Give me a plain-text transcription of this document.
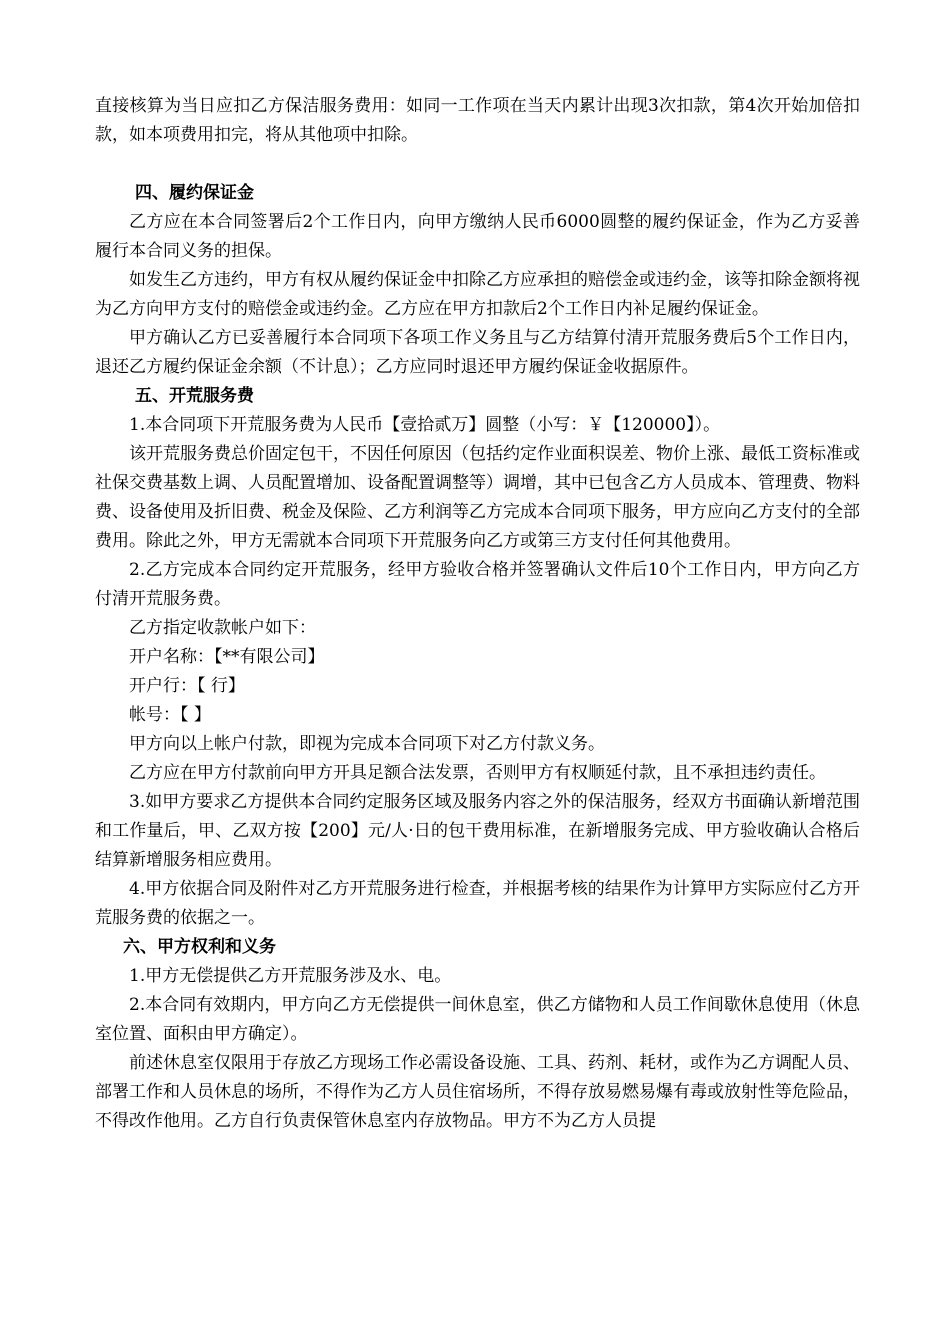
直接核算为当日应扣乙方保洁服务费用：如同一工作项在当天内累计出现3次扣款，第4次开始加倍扣款，如本项费用扣完，将从其他项中扣除。

四、履约保证金

乙方应在本合同签署后2个工作日内，向甲方缴纳人民币6000圆整的履约保证金，作为乙方妥善履行本合同义务的担保。

如发生乙方违约，甲方有权从履约保证金中扣除乙方应承担的赔偿金或违约金，该等扣除金额将视为乙方向甲方支付的赔偿金或违约金。乙方应在甲方扣款后2个工作日内补足履约保证金。

甲方确认乙方已妥善履行本合同项下各项工作义务且与乙方结算付清开荒服务费后5个工作日内，退还乙方履约保证金余额（不计息）；乙方应同时退还甲方履约保证金收据原件。

五、开荒服务费

1.本合同项下开荒服务费为人民币【壹拾贰万】圆整（小写：￥【120000】）。

该开荒服务费总价固定包干，不因任何原因（包括约定作业面积误差、物价上涨、最低工资标准或社保交费基数上调、人员配置增加、设备配置调整等）调增，其中已包含乙方人员成本、管理费、物料费、设备使用及折旧费、税金及保险、乙方利润等乙方完成本合同项下服务，甲方应向乙方支付的全部费用。除此之外，甲方无需就本合同项下开荒服务向乙方或第三方支付任何其他费用。

2.乙方完成本合同约定开荒服务，经甲方验收合格并签署确认文件后10个工作日内，甲方向乙方付清开荒服务费。

乙方指定收款帐户如下：

开户名称：【**有限公司】

开户行：【 行】

帐号：【 】

甲方向以上帐户付款，即视为完成本合同项下对乙方付款义务。

乙方应在甲方付款前向甲方开具足额合法发票，否则甲方有权顺延付款，且不承担违约责任。

3.如甲方要求乙方提供本合同约定服务区域及服务内容之外的保洁服务，经双方书面确认新增范围和工作量后，甲、乙双方按【200】元/人·日的包干费用标准，在新增服务完成、甲方验收确认合格后结算新增服务相应费用。

4.甲方依据合同及附件对乙方开荒服务进行检查，并根据考核的结果作为计算甲方实际应付乙方开荒服务费的依据之一。

六、甲方权利和义务

1.甲方无偿提供乙方开荒服务涉及水、电。

2.本合同有效期内，甲方向乙方无偿提供一间休息室，供乙方储物和人员工作间歇休息使用（休息室位置、面积由甲方确定）。

前述休息室仅限用于存放乙方现场工作必需设备设施、工具、药剂、耗材，或作为乙方调配人员、部署工作和人员休息的场所，不得作为乙方人员住宿场所，不得存放易燃易爆有毒或放射性等危险品，不得改作他用。乙方自行负责保管休息室内存放物品。甲方不为乙方人员提
